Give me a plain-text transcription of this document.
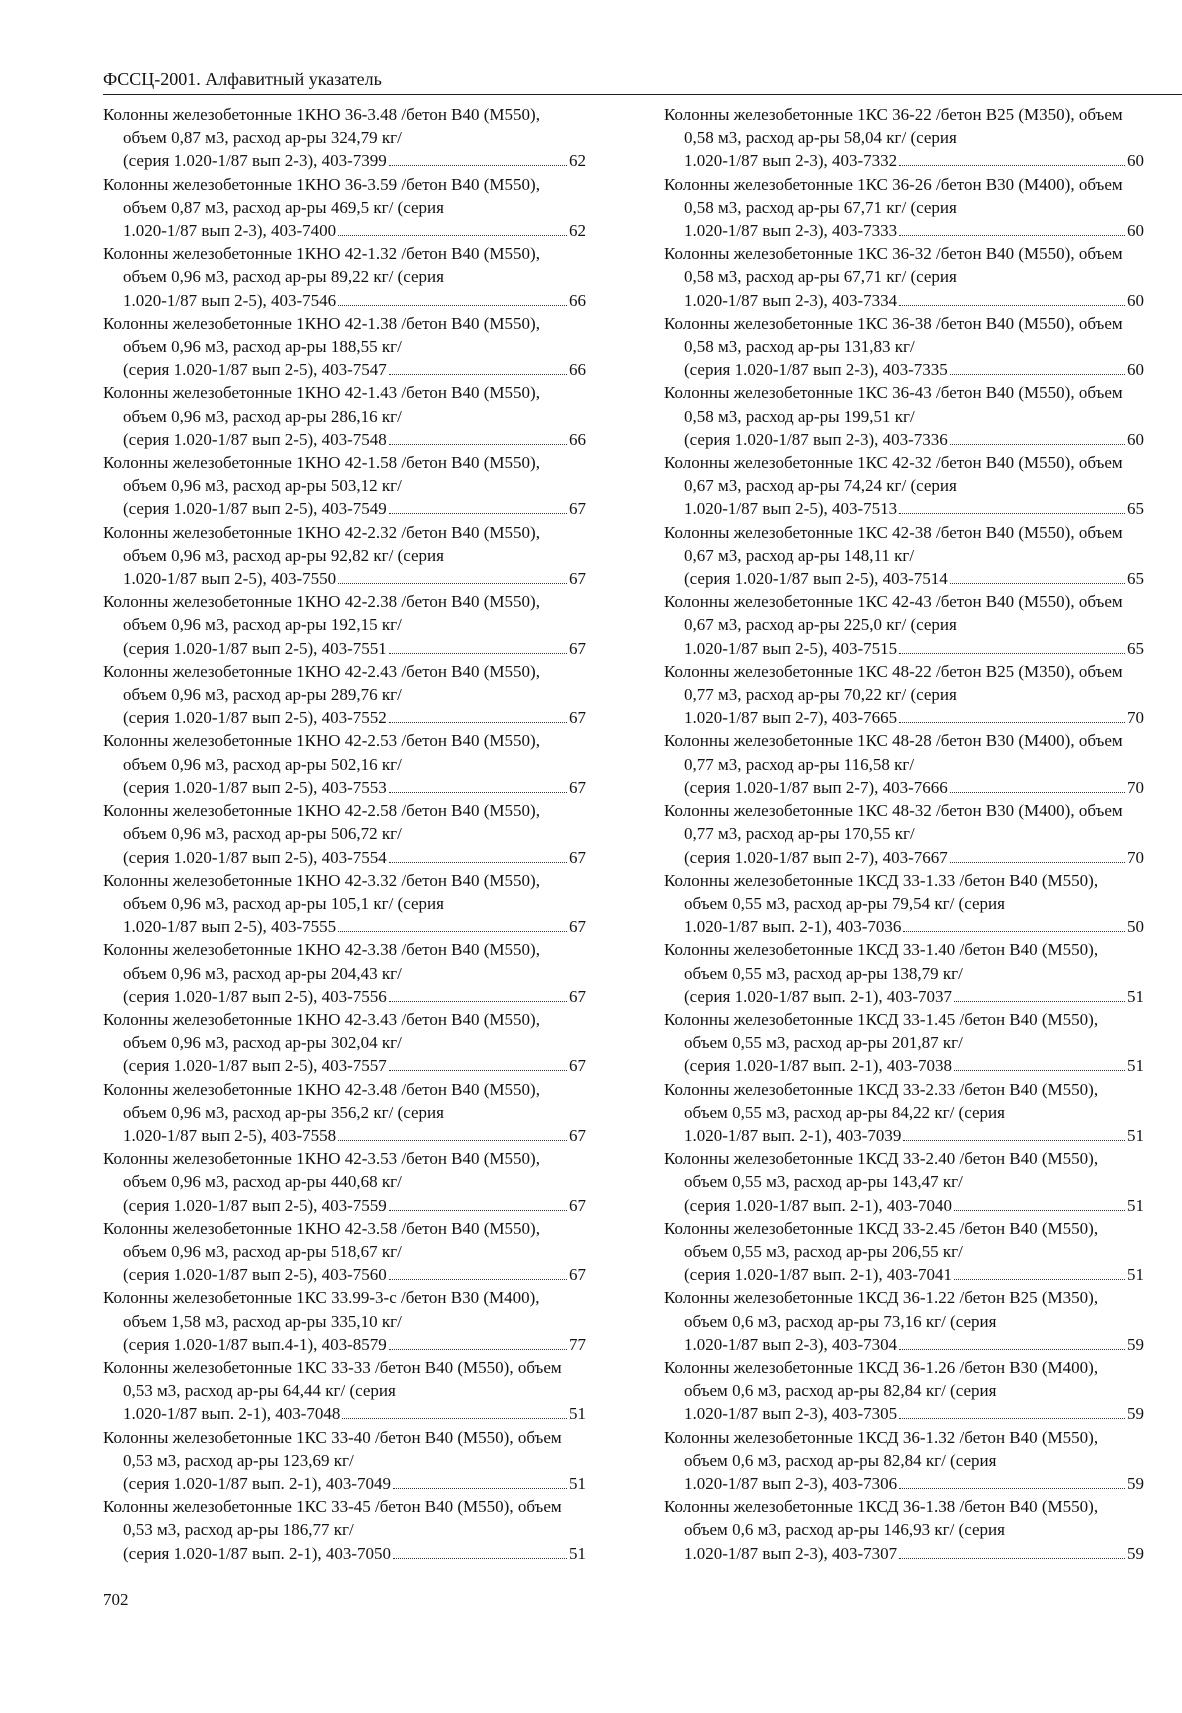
ФССЦ-2001. Алфавитный указатель
Колонны железобетонные 1КНО 36-3.48 /бетон В40 (М550), объем 0,87 м3, расход ар-ры 324,79 кг/
(серия 1.020-1/87 вып 2-3), 403-7399	62
Колонны железобетонные 1КНО 36-3.59 /бетон В40 (М550), объем 0,87 м3, расход ар-ры 469,5 кг/ (серия
1.020-1/87 вып 2-3), 403-7400	62
Колонны железобетонные 1КНО 42-1.32 /бетон В40 (М550), объем 0,96 м3, расход ар-ры 89,22 кг/ (серия
1.020-1/87 вып 2-5), 403-7546	66
Колонны железобетонные 1КНО 42-1.38 /бетон В40 (М550), объем 0,96 м3, расход ар-ры 188,55 кг/
(серия 1.020-1/87 вып 2-5), 403-7547	66
Колонны железобетонные 1КНО 42-1.43 /бетон В40 (М550), объем 0,96 м3, расход ар-ры 286,16 кг/
(серия 1.020-1/87 вып 2-5), 403-7548	66
Колонны железобетонные 1КНО 42-1.58 /бетон В40 (М550), объем 0,96 м3, расход ар-ры 503,12 кг/
(серия 1.020-1/87 вып 2-5), 403-7549	67
Колонны железобетонные 1КНО 42-2.32 /бетон В40 (М550), объем 0,96 м3, расход ар-ры 92,82 кг/ (серия
1.020-1/87 вып 2-5), 403-7550	67
Колонны железобетонные 1КНО 42-2.38 /бетон В40 (М550), объем 0,96 м3, расход ар-ры 192,15 кг/
(серия 1.020-1/87 вып 2-5), 403-7551	67
Колонны железобетонные 1КНО 42-2.43 /бетон В40 (М550), объем 0,96 м3, расход ар-ры 289,76 кг/
(серия 1.020-1/87 вып 2-5), 403-7552	67
Колонны железобетонные 1КНО 42-2.53 /бетон В40 (М550), объем 0,96 м3, расход ар-ры 502,16 кг/
(серия 1.020-1/87 вып 2-5), 403-7553	67
Колонны железобетонные 1КНО 42-2.58 /бетон В40 (М550), объем 0,96 м3, расход ар-ры 506,72 кг/
(серия 1.020-1/87 вып 2-5), 403-7554	67
Колонны железобетонные 1КНО 42-3.32 /бетон В40 (М550), объем 0,96 м3, расход ар-ры 105,1 кг/ (серия
1.020-1/87 вып 2-5), 403-7555	67
Колонны железобетонные 1КНО 42-3.38 /бетон В40 (М550), объем 0,96 м3, расход ар-ры 204,43 кг/
(серия 1.020-1/87 вып 2-5), 403-7556	67
Колонны железобетонные 1КНО 42-3.43 /бетон В40 (М550), объем 0,96 м3, расход ар-ры 302,04 кг/
(серия 1.020-1/87 вып 2-5), 403-7557	67
Колонны железобетонные 1КНО 42-3.48 /бетон В40 (М550), объем 0,96 м3, расход ар-ры 356,2 кг/ (серия
1.020-1/87 вып 2-5), 403-7558	67
Колонны железобетонные 1КНО 42-3.53 /бетон В40 (М550), объем 0,96 м3, расход ар-ры 440,68 кг/
(серия 1.020-1/87 вып 2-5), 403-7559	67
Колонны железобетонные 1КНО 42-3.58 /бетон В40 (М550), объем 0,96 м3, расход ар-ры 518,67 кг/
(серия 1.020-1/87 вып 2-5), 403-7560	67
Колонны железобетонные 1КС 33.99-3-с /бетон В30 (М400), объем 1,58 м3, расход ар-ры 335,10 кг/
(серия 1.020-1/87 вып.4-1), 403-8579	77
Колонны железобетонные 1КС 33-33 /бетон В40 (М550), объем 0,53 м3, расход ар-ры 64,44 кг/ (серия
1.020-1/87 вып. 2-1), 403-7048	51
Колонны железобетонные 1КС 33-40 /бетон В40 (М550), объем 0,53 м3, расход ар-ры 123,69 кг/
(серия 1.020-1/87 вып. 2-1), 403-7049	51
Колонны железобетонные 1КС 33-45 /бетон В40 (М550), объем 0,53 м3, расход ар-ры 186,77 кг/
(серия 1.020-1/87 вып. 2-1), 403-7050	51
Колонны железобетонные 1КС 36-22 /бетон В25 (М350), объем 0,58 м3, расход ар-ры 58,04 кг/ (серия
1.020-1/87 вып 2-3), 403-7332	60
Колонны железобетонные 1КС 36-26 /бетон В30 (М400), объем 0,58 м3, расход ар-ры 67,71 кг/ (серия
1.020-1/87 вып 2-3), 403-7333	60
Колонны железобетонные 1КС 36-32 /бетон В40 (М550), объем 0,58 м3, расход ар-ры 67,71 кг/ (серия
1.020-1/87 вып 2-3), 403-7334	60
Колонны железобетонные 1КС 36-38 /бетон В40 (М550), объем 0,58 м3, расход ар-ры 131,83 кг/
(серия 1.020-1/87 вып 2-3), 403-7335	60
Колонны железобетонные 1КС 36-43 /бетон В40 (М550), объем 0,58 м3, расход ар-ры 199,51 кг/
(серия 1.020-1/87 вып 2-3), 403-7336	60
Колонны железобетонные 1КС 42-32 /бетон В40 (М550), объем 0,67 м3, расход ар-ры 74,24 кг/ (серия
1.020-1/87 вып 2-5), 403-7513	65
Колонны железобетонные 1КС 42-38 /бетон В40 (М550), объем 0,67 м3, расход ар-ры 148,11 кг/
(серия 1.020-1/87 вып 2-5), 403-7514	65
Колонны железобетонные 1КС 42-43 /бетон В40 (М550), объем 0,67 м3, расход ар-ры 225,0 кг/ (серия
1.020-1/87 вып 2-5), 403-7515	65
Колонны железобетонные 1КС 48-22 /бетон В25 (М350), объем 0,77 м3, расход ар-ры 70,22 кг/ (серия
1.020-1/87 вып 2-7), 403-7665	70
Колонны железобетонные 1КС 48-28 /бетон В30 (М400), объем 0,77 м3, расход ар-ры 116,58 кг/
(серия 1.020-1/87 вып 2-7), 403-7666	70
Колонны железобетонные 1КС 48-32 /бетон В30 (М400), объем 0,77 м3, расход ар-ры 170,55 кг/
(серия 1.020-1/87 вып 2-7), 403-7667	70
Колонны железобетонные 1КСД 33-1.33 /бетон В40 (М550), объем 0,55 м3, расход ар-ры 79,54 кг/ (серия
1.020-1/87 вып. 2-1), 403-7036	50
Колонны железобетонные 1КСД 33-1.40 /бетон В40 (М550), объем 0,55 м3, расход ар-ры 138,79 кг/
(серия 1.020-1/87 вып. 2-1), 403-7037	51
Колонны железобетонные 1КСД 33-1.45 /бетон В40 (М550), объем 0,55 м3, расход ар-ры 201,87 кг/
(серия 1.020-1/87 вып. 2-1), 403-7038	51
Колонны железобетонные 1КСД 33-2.33 /бетон В40 (М550), объем 0,55 м3, расход ар-ры 84,22 кг/ (серия
1.020-1/87 вып. 2-1), 403-7039	51
Колонны железобетонные 1КСД 33-2.40 /бетон В40 (М550), объем 0,55 м3, расход ар-ры 143,47 кг/
(серия 1.020-1/87 вып. 2-1), 403-7040	51
Колонны железобетонные 1КСД 33-2.45 /бетон В40 (М550), объем 0,55 м3, расход ар-ры 206,55 кг/
(серия 1.020-1/87 вып. 2-1), 403-7041	51
Колонны железобетонные 1КСД 36-1.22 /бетон В25 (М350), объем 0,6 м3, расход ар-ры 73,16 кг/ (серия
1.020-1/87 вып 2-3), 403-7304	59
Колонны железобетонные 1КСД 36-1.26 /бетон В30 (М400), объем 0,6 м3, расход ар-ры 82,84 кг/ (серия
1.020-1/87 вып 2-3), 403-7305	59
Колонны железобетонные 1КСД 36-1.32 /бетон В40 (М550), объем 0,6 м3, расход ар-ры 82,84 кг/ (серия
1.020-1/87 вып 2-3), 403-7306	59
Колонны железобетонные 1КСД 36-1.38 /бетон В40 (М550), объем 0,6 м3, расход ар-ры 146,93 кг/ (серия
1.020-1/87 вып 2-3), 403-7307	59
702
